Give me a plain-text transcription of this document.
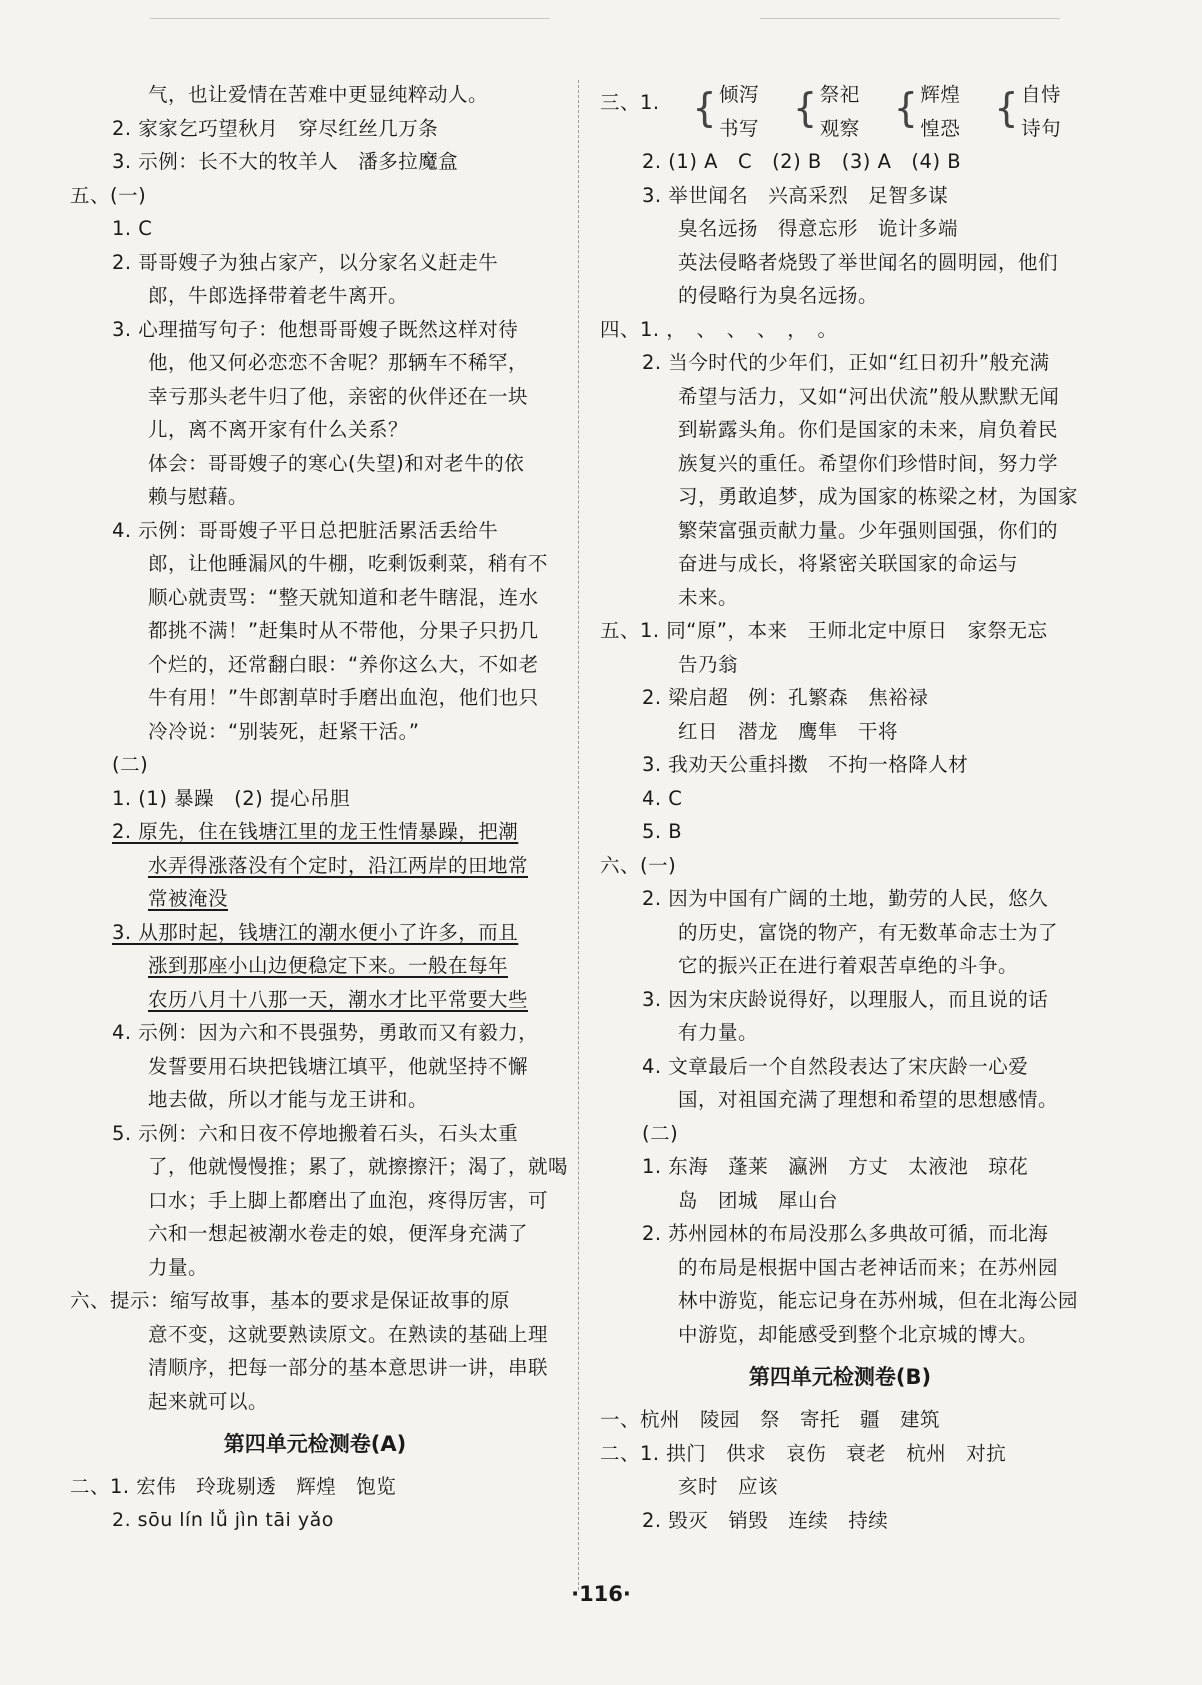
气，也让爱情在苦难中更显纯粹动人。
2. 家家乞巧望秋月　穿尽红丝几万条
3. 示例：长不大的牧羊人　潘多拉魔盒
五、(一)
1. C
2. 哥哥嫂子为独占家产，以分家名义赶走牛
郎，牛郎选择带着老牛离开。
3. 心理描写句子：他想哥哥嫂子既然这样对待
他，他又何必恋恋不舍呢？那辆车不稀罕，
幸亏那头老牛归了他，亲密的伙伴还在一块
儿，离不离开家有什么关系？
体会：哥哥嫂子的寒心(失望)和对老牛的依
赖与慰藉。
4. 示例：哥哥嫂子平日总把脏活累活丢给牛
郎，让他睡漏风的牛棚，吃剩饭剩菜，稍有不
顺心就责骂：“整天就知道和老牛瞎混，连水
都挑不满！”赶集时从不带他，分果子只扔几
个烂的，还常翻白眼：“养你这么大，不如老
牛有用！”牛郎割草时手磨出血泡，他们也只
冷冷说：“别装死，赶紧干活。”
(二)
1. (1) 暴躁　(2) 提心吊胆
2. 原先，住在钱塘江里的龙王性情暴躁，把潮
水弄得涨落没有个定时，沿江两岸的田地常
常被淹没
3. 从那时起，钱塘江的潮水便小了许多，而且
涨到那座小山边便稳定下来。一般在每年
农历八月十八那一天，潮水才比平常要大些
4. 示例：因为六和不畏强势，勇敢而又有毅力，
发誓要用石块把钱塘江填平，他就坚持不懈
地去做，所以才能与龙王讲和。
5. 示例：六和日夜不停地搬着石头，石头太重
了，他就慢慢推；累了，就擦擦汗；渴了，就喝
口水；手上脚上都磨出了血泡，疼得厉害，可
六和一想起被潮水卷走的娘，便浑身充满了
力量。
六、提示：缩写故事，基本的要求是保证故事的原
意不变，这就要熟读原文。在熟读的基础上理
清顺序，把每一部分的基本意思讲一讲，串联
起来就可以。
第四单元检测卷(A)
二、1. 宏伟　玲珑剔透　辉煌　饱览
2. sōu lín lǚ jìn tāi yǎo
三、1. { 倾泻
书写 { 祭祀
观察 { 辉煌
惶恐 { 自恃
诗句
2. (1) A　C　(2) B　(3) A　(4) B
3. 举世闻名　兴高采烈　足智多谋
臭名远扬　得意忘形　诡计多端
英法侵略者烧毁了举世闻名的圆明园，他们
的侵略行为臭名远扬。
四、1. ，　、　、　、　，　。
2. 当今时代的少年们，正如“红日初升”般充满
希望与活力，又如“河出伏流”般从默默无闻
到崭露头角。你们是国家的未来，肩负着民
族复兴的重任。希望你们珍惜时间，努力学
习，勇敢追梦，成为国家的栋梁之材，为国家
繁荣富强贡献力量。少年强则国强，你们的
奋进与成长，将紧密关联国家的命运与
未来。
五、1. 同“原”，本来　王师北定中原日　家祭无忘
告乃翁
2. 梁启超　例：孔繁森　焦裕禄
红日　潜龙　鹰隼　干将
3. 我劝天公重抖擞　不拘一格降人材
4. C
5. B
六、(一)
2. 因为中国有广阔的土地，勤劳的人民，悠久
的历史，富饶的物产，有无数革命志士为了
它的振兴正在进行着艰苦卓绝的斗争。
3. 因为宋庆龄说得好，以理服人，而且说的话
有力量。
4. 文章最后一个自然段表达了宋庆龄一心爱
国，对祖国充满了理想和希望的思想感情。
(二)
1. 东海　蓬莱　瀛洲　方丈　太液池　琼花
岛　团城　犀山台
2. 苏州园林的布局没那么多典故可循，而北海
的布局是根据中国古老神话而来；在苏州园
林中游览，能忘记身在苏州城，但在北海公园
中游览，却能感受到整个北京城的博大。
第四单元检测卷(B)
一、杭州　陵园　祭　寄托　疆　建筑
二、1. 拱门　供求　哀伤　衰老　杭州　对抗
亥时　应该
2. 毁灭　销毁　连续　持续
·116·
